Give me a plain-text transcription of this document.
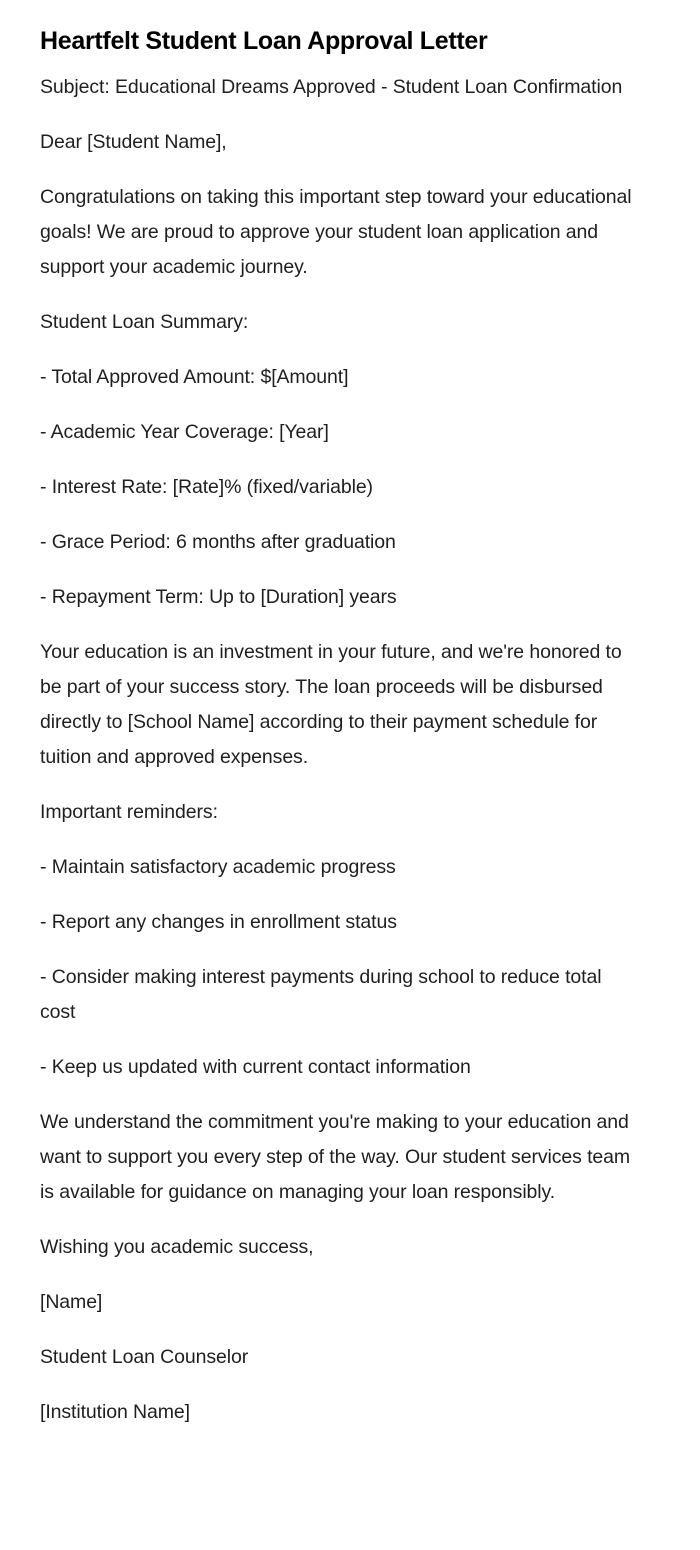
Heartfelt Student Loan Approval Letter

Subject: Educational Dreams Approved - Student Loan Confirmation

Dear [Student Name],

Congratulations on taking this important step toward your educational goals! We are proud to approve your student loan application and support your academic journey.

Student Loan Summary:

- Total Approved Amount: $[Amount]

- Academic Year Coverage: [Year]

- Interest Rate: [Rate]% (fixed/variable)

- Grace Period: 6 months after graduation

- Repayment Term: Up to [Duration] years

Your education is an investment in your future, and we're honored to be part of your success story. The loan proceeds will be disbursed directly to [School Name] according to their payment schedule for tuition and approved expenses.

Important reminders:

- Maintain satisfactory academic progress

- Report any changes in enrollment status

- Consider making interest payments during school to reduce total cost

- Keep us updated with current contact information

We understand the commitment you're making to your education and want to support you every step of the way. Our student services team is available for guidance on managing your loan responsibly.

Wishing you academic success,

[Name]

Student Loan Counselor

[Institution Name]
